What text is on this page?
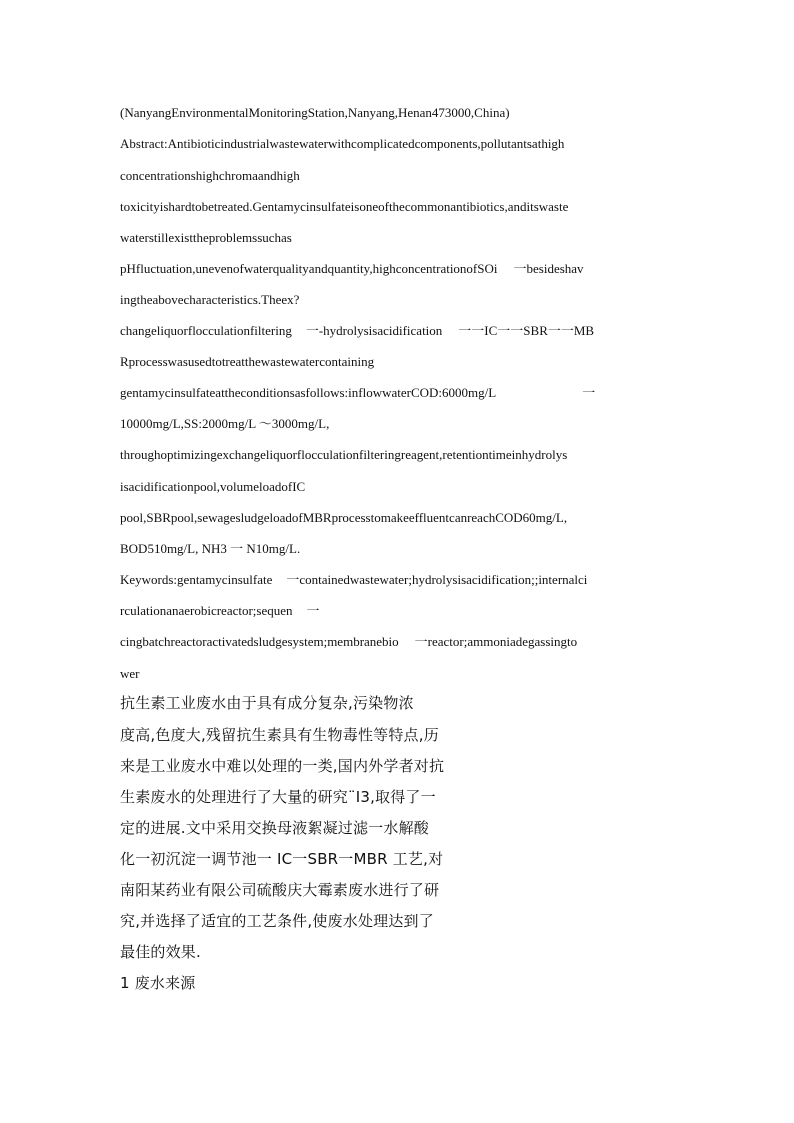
(NanyangEnvironmentalMonitoringStation,Nanyang,Henan473000,China)
Abstract:Antibioticindustrialwastewaterwithcomplicatedcomponents,pollutantsathigh
concentrationshighchromaandhigh
toxicityishardtobetreated.Gentamycinsulfateisoneofthecommonantibiotics,anditswaste
waterstillexisttheproblemssuchas
pHfluctuation,unevenofwaterqualityandquantity,highconcentrationofSOi 一besideshav
ingtheabovecharacteristics.Theex?
changeliquorflocculationfiltering 一-hydrolysisacidification 一一IC一一SBR一一MB
Rprocesswasusedtotreatthewastewatercontaining
gentamycinsulfateattheconditionsasfollows:inflowwaterCOD:6000mg/L	一
10000mg/L,SS:2000mg/L ～3000mg/L,
throughoptimizingexchangeliquorflocculationfilteringreagent,retentiontimeinhydrolys
isacidificationpool,volumeloadofIC
pool,SBRpool,sewagesludgeloadofMBRprocesstomakeeffluentcanreachCOD60mg/L,
BOD510mg/L, NH3 一 N10mg/L.
Keywords:gentamycinsulfate 一containedwastewater;hydrolysisacidification;;internalci
rculationanaerobicreactor;sequen 一
cingbatchreactoractivatedsludgesystem;membranebio 一reactor;ammoniadegassingto
wer
抗生素工业废水由于具有成分复杂,污染物浓
度高,色度大,残留抗生素具有生物毒性等特点,历
来是工业废水中难以处理的一类,国内外学者对抗
生素废水的处理进行了大量的研究¨I3,取得了一
定的进展.文中采用交换母液絮凝过滤一水解酸
化一初沉淀一调节池一 IC一SBR一MBR 工艺,对
南阳某药业有限公司硫酸庆大霉素废水进行了研
究,并选择了适宜的工艺条件,使废水处理达到了
最佳的效果.
1 废水来源
